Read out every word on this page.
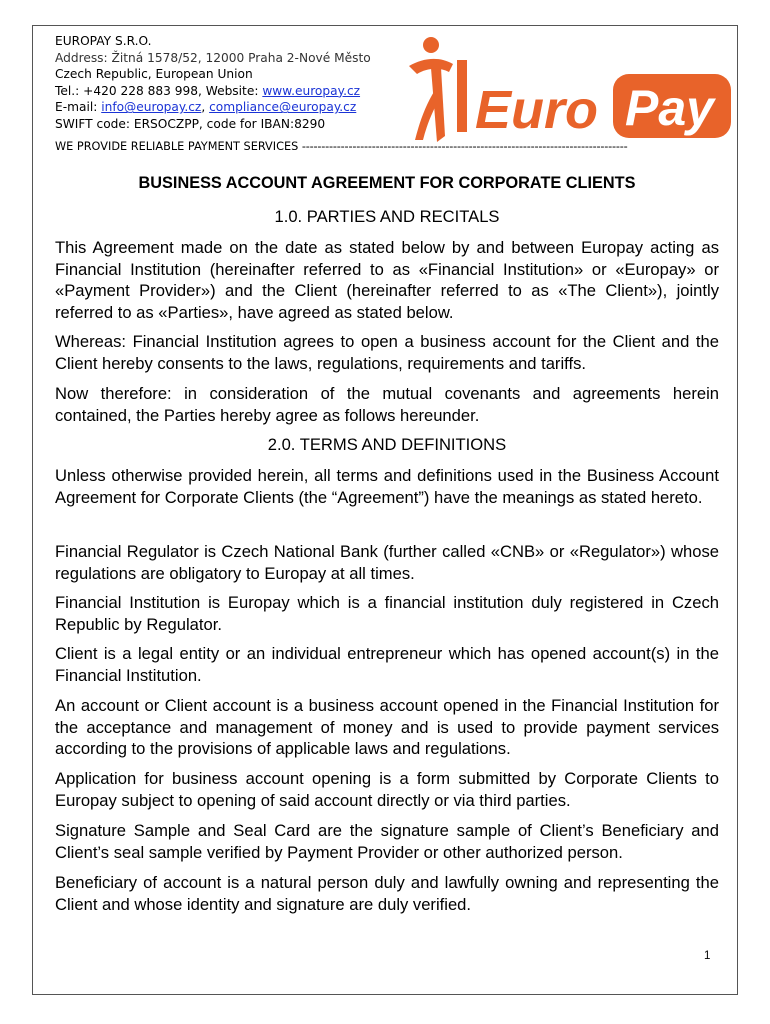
EUROPAY S.R.O.
Address: Žitná 1578/52, 12000 Praha 2-Nové Město
Czech Republic, European Union
Tel.: +420 228 883 998, Website: www.europay.cz
E-mail: info@europay.cz, compliance@europay.cz
SWIFT code: ERSOCZPP, code for IBAN:8290	Euro Pay
WE PROVIDE RELIABLE PAYMENT SERVICES ------------------------------------------------------------------------------------
BUSINESS ACCOUNT AGREEMENT FOR CORPORATE CLIENTS
1.0. PARTIES AND RECITALS
This Agreement made on the date as stated below by and between Europay acting as Financial Institution (hereinafter referred to as «Financial Institution» or «Europay» or «Payment Provider») and the Client (hereinafter referred to as «The Client»), jointly referred to as «Parties», have agreed as stated below.
Whereas: Financial Institution agrees to open a business account for the Client and the Client hereby consents to the laws, regulations, requirements and tariffs.
Now therefore: in consideration of the mutual covenants and agreements herein contained, the Parties hereby agree as follows hereunder.
2.0. TERMS AND DEFINITIONS
Unless otherwise provided herein, all terms and definitions used in the Business Account Agreement for Corporate Clients (the “Agreement”) have the meanings as stated hereto.
Financial Regulator is Czech National Bank (further called «CNB» or «Regulator») whose regulations are obligatory to Europay at all times.
Financial Institution is Europay which is a financial institution duly registered in Czech Republic by Regulator.
Client is a legal entity or an individual entrepreneur which has opened account(s) in the Financial Institution.
An account or Client account is a business account opened in the Financial Institution for the acceptance and management of money and is used to provide payment services according to the provisions of applicable laws and regulations.
Application for business account opening is a form submitted by Corporate Clients to Europay subject to opening of said account directly or via third parties.
Signature Sample and Seal Card are the signature sample of Client’s Beneficiary and Client’s seal sample verified by Payment Provider or other authorized person.
Beneficiary of account is a natural person duly and lawfully owning and representing the Client and whose identity and signature are duly verified.
1
